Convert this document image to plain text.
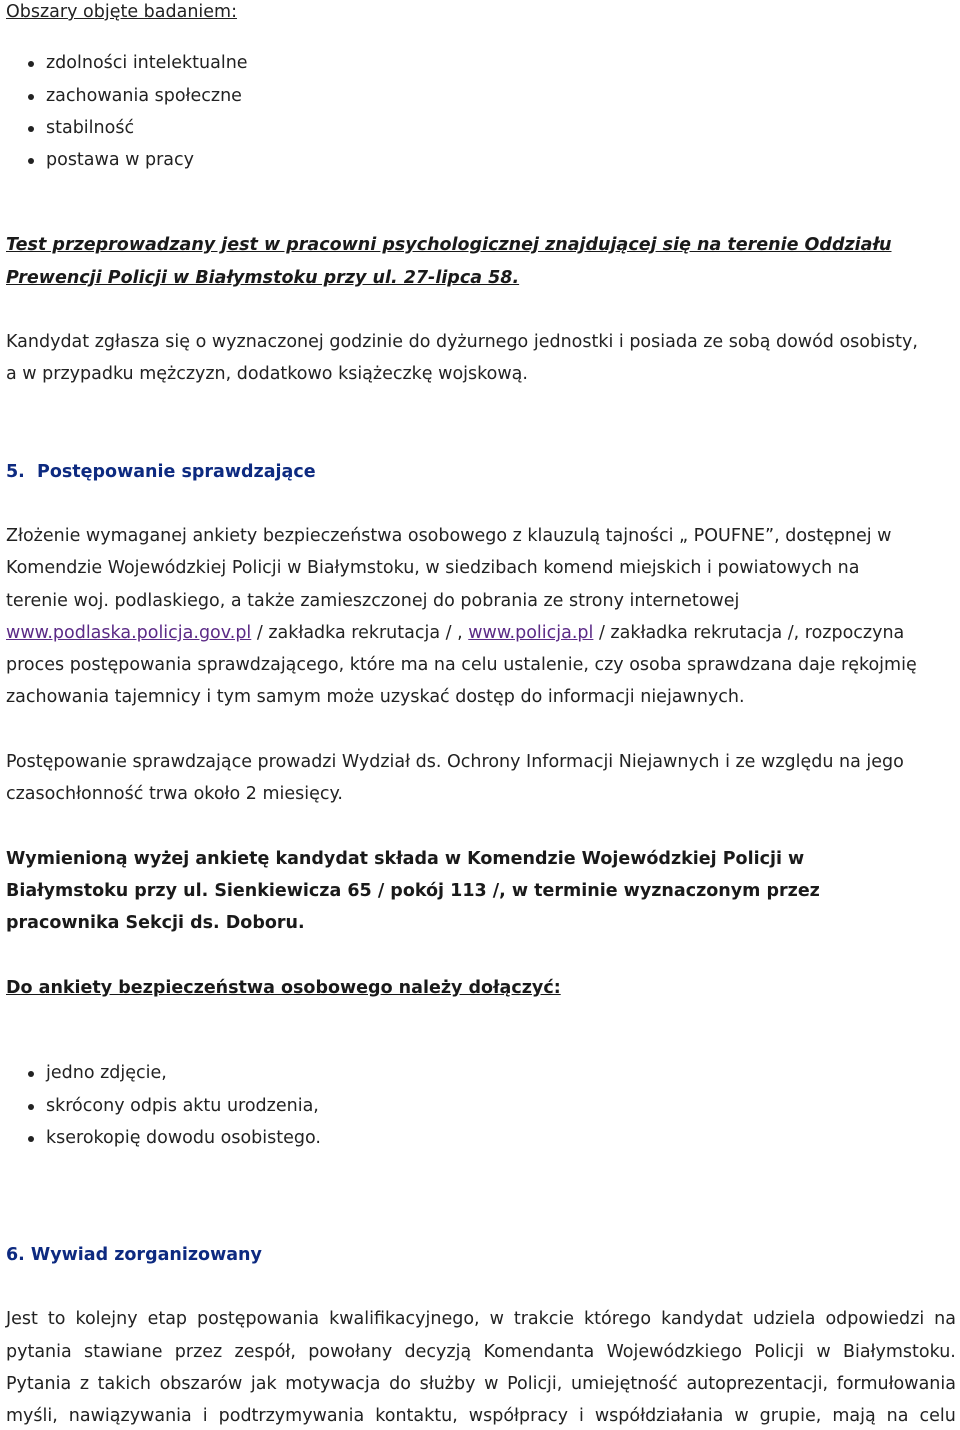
Obszary objęte badaniem:
zdolności intelektualne
zachowania społeczne
stabilność
postawa w pracy
Test przeprowadzany jest w pracowni psychologicznej znajdującej się na terenie Oddziału
Prewencji Policji w Białymstoku przy ul. 27-lipca 58.
Kandydat zgłasza się o wyznaczonej godzinie do dyżurnego jednostki i posiada ze sobą dowód osobisty,
a w przypadku mężczyzn, dodatkowo książeczkę wojskową.
5. Postępowanie sprawdzające
Złożenie wymaganej ankiety bezpieczeństwa osobowego z klauzulą tajności „ POUFNE”, dostępnej w
Komendzie Wojewódzkiej Policji w Białymstoku, w siedzibach komend miejskich i powiatowych na
terenie woj. podlaskiego, a także zamieszczonej do pobrania ze strony internetowej
www.podlaska.policja.gov.pl / zakładka rekrutacja / , www.policja.pl / zakładka rekrutacja /, rozpoczyna
proces postępowania sprawdzającego, które ma na celu ustalenie, czy osoba sprawdzana daje rękojmię
zachowania tajemnicy i tym samym może uzyskać dostęp do informacji niejawnych.
Postępowanie sprawdzające prowadzi Wydział ds. Ochrony Informacji Niejawnych i ze względu na jego
czasochłonność trwa około 2 miesięcy.
Wymienioną wyżej ankietę kandydat składa w Komendzie Wojewódzkiej Policji w
Białymstoku przy ul. Sienkiewicza 65 / pokój 113 /, w terminie wyznaczonym przez
pracownika Sekcji ds. Doboru.
Do ankiety bezpieczeństwa osobowego należy dołączyć:
jedno zdjęcie,
skrócony odpis aktu urodzenia,
kserokopię dowodu osobistego.
6. Wywiad zorganizowany
Jest to kolejny etap postępowania kwalifikacyjnego, w trakcie którego kandydat udziela odpowiedzi na
pytania stawiane przez zespół, powołany decyzją Komendanta Wojewódzkiego Policji w Białymstoku.
Pytania z takich obszarów jak motywacja do służby w Policji, umiejętność autoprezentacji, formułowania
myśli, nawiązywania i podtrzymywania kontaktu, współpracy i współdziałania w grupie, mają na celu
